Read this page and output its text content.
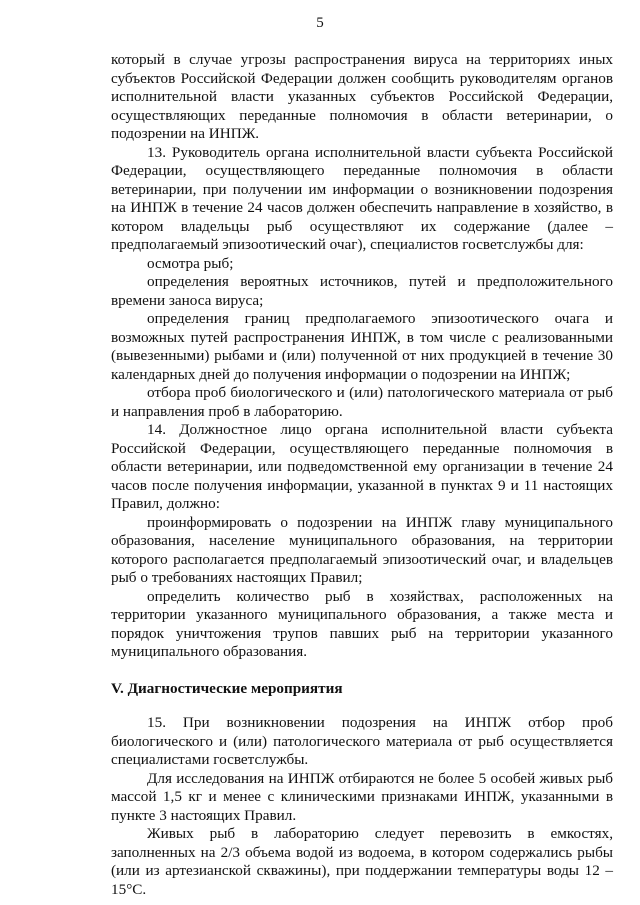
5
который в случае угрозы распространения вируса на территориях иных субъектов Российской Федерации должен сообщить руководителям органов исполнительной власти указанных субъектов Российской Федерации, осуществляющих переданные полномочия в области ветеринарии, о подозрении на ИНПЖ.
13. Руководитель органа исполнительной власти субъекта Российской Федерации, осуществляющего переданные полномочия в области ветеринарии, при получении им информации о возникновении подозрения на ИНПЖ в течение 24 часов должен обеспечить направление в хозяйство, в котором владельцы рыб осуществляют их содержание (далее – предполагаемый эпизоотический очаг), специалистов госветслужбы для:
осмотра рыб;
определения вероятных источников, путей и предположительного времени заноса вируса;
определения границ предполагаемого эпизоотического очага и возможных путей распространения ИНПЖ, в том числе с реализованными (вывезенными) рыбами и (или) полученной от них продукцией в течение 30 календарных дней до получения информации о подозрении на ИНПЖ;
отбора проб биологического и (или) патологического материала от рыб и направления проб в лабораторию.
14. Должностное лицо органа исполнительной власти субъекта Российской Федерации, осуществляющего переданные полномочия в области ветеринарии, или подведомственной ему организации в течение 24 часов после получения информации, указанной в пунктах 9 и 11 настоящих Правил, должно:
проинформировать о подозрении на ИНПЖ главу муниципального образования, население муниципального образования, на территории которого располагается предполагаемый эпизоотический очаг, и владельцев рыб о требованиях настоящих Правил;
определить количество рыб в хозяйствах, расположенных на территории указанного муниципального образования, а также места и порядок уничтожения трупов павших рыб на территории указанного муниципального образования.
V. Диагностические мероприятия
15. При возникновении подозрения на ИНПЖ отбор проб биологического и (или) патологического материала от рыб осуществляется специалистами госветслужбы.
Для исследования на ИНПЖ отбираются не более 5 особей живых рыб массой 1,5 кг и менее с клиническими признаками ИНПЖ, указанными в пункте 3 настоящих Правил.
Живых рыб в лабораторию следует перевозить в емкостях, заполненных на 2/3 объема водой из водоема, в котором содержались рыбы (или из артезианской скважины), при поддержании температуры воды 12 – 15°С.
